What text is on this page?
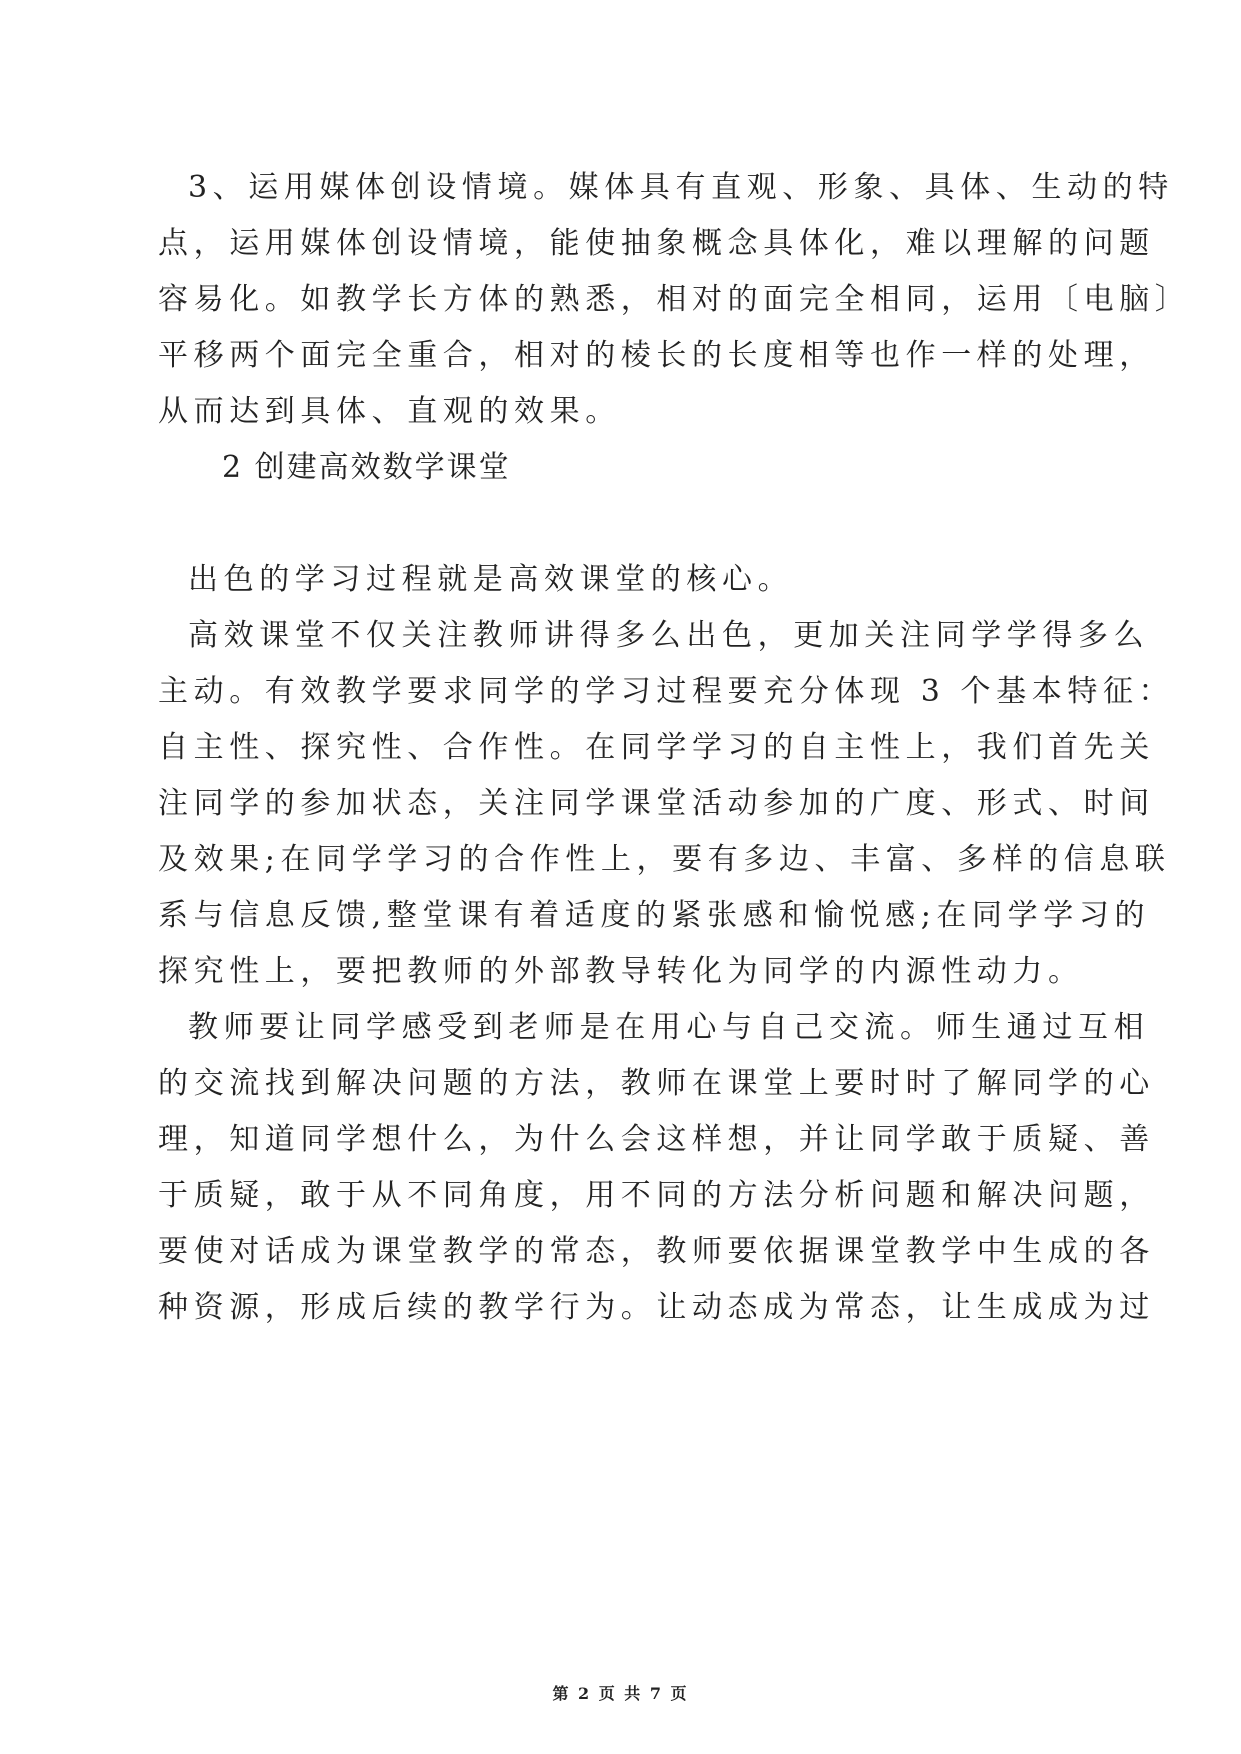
3、运用媒体创设情境。媒体具有直观、形象、具体、生动的特

点，运用媒体创设情境，能使抽象概念具体化，难以理解的问题

容易化。如教学长方体的熟悉，相对的面完全相同，运用〔电脑〕

平移两个面完全重合，相对的棱长的长度相等也作一样的处理，

从而达到具体、直观的效果。

2 创建高效数学课堂

出色的学习过程就是高效课堂的核心。

高效课堂不仅关注教师讲得多么出色，更加关注同学学得多么

主动。有效教学要求同学的学习过程要充分体现 3 个基本特征：

自主性、探究性、合作性。在同学学习的自主性上，我们首先关

注同学的参加状态，关注同学课堂活动参加的广度、形式、时间

及效果;在同学学习的合作性上，要有多边、丰富、多样的信息联

系与信息反馈,整堂课有着适度的紧张感和愉悦感;在同学学习的

探究性上，要把教师的外部教导转化为同学的内源性动力。

教师要让同学感受到老师是在用心与自己交流。师生通过互相

的交流找到解决问题的方法，教师在课堂上要时时了解同学的心

理，知道同学想什么，为什么会这样想，并让同学敢于质疑、善

于质疑，敢于从不同角度，用不同的方法分析问题和解决问题，

要使对话成为课堂教学的常态，教师要依据课堂教学中生成的各

种资源，形成后续的教学行为。让动态成为常态，让生成成为过

第 2 页 共 7 页
